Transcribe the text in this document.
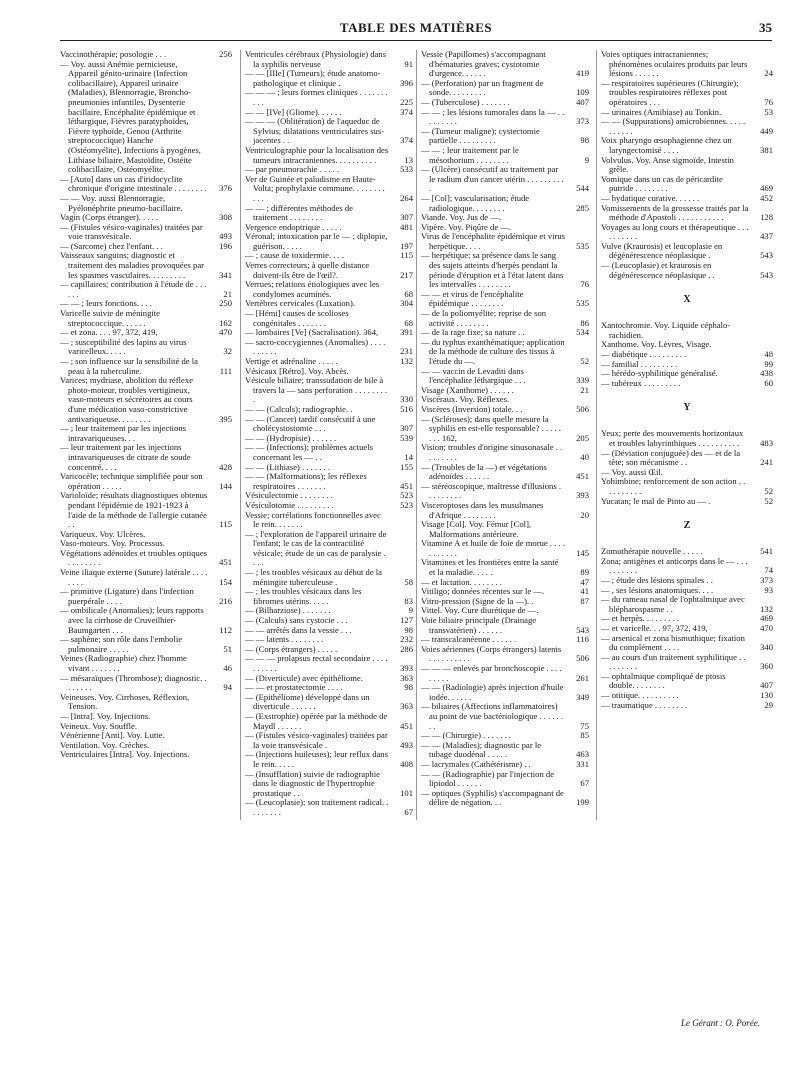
TABLE DES MATIÈRES	35

Vaccinothérapie; posologie . . .	256

— Voy. aussi Anémie pernicieuse, Appareil génito-urinaire (Infection colibacillaire), Appareil urinaire (Maladies), Blennorragie, Broncho-pneumonies infantiles, Dysenterie bacillaire, Encéphalite épidémique et léthargique, Fièvres paratyphoïdes, Fièvre typhoïde, Genou (Arthrite streptococcique) Hanche (Ostéomyélite), Infections à pyogènes, Lithiase biliaire, Mastoïdite, Ostéite colibacillaire, Ostéomyélite.

— [Auto] dans un cas d'iridocyclite chronique d'origine intestinale . . . . . . . .	376

— — Voy. aussi Blennorragie, Pyélonéphrite pneumo-bacillaire.

Vagin (Corps étranger). . . . .	308

— (Fistules vésico-vaginales) traitées par voie transvésicale.	493

— (Sarcome) chez l'enfant. . .	196

Vaisseaux sanguins; diagnostic et traitement des maladies provoquées par les spasmes vasculaires. . . . . . . . .	341

— capillaires; contribution à l'étude de . . . . . .	21

— — ; leurs fonctions. . . .	250

Varicelle suivie de méningite streptococcique. . . . . .	162

— et zona. . . . 97, 372, 419,	470

— ; susceptibilité des lapins au virus varicelleux. . . . .	32

— ; son influence sur la sensibilité de la peau à la tuberculine.	111

Varices; mydriase, abolition du réflexe photo-moteur, troubles vertigineux, vaso-moteurs et sécrétoires au cours d'une médication vaso-constrictive antivariqueuse. . . . . . . .	395

— ; leur traitement par les injections intravariqueuses. . .

— leur traitement par les injections intravariqueuses de citrate de soude concentré. . . .	428

Varicocèle; technique simplifiée pour son opération . . . . .	144

Varioloïde; résultats diagnostiques obtenus pendant l'épidémie de 1921-1923 à l'aide de la méthode de l'allergie cutanée . .	115

Variqueux. Voy. Ulcères.

Vaso-moteurs. Voy. Processus.

Végétations adénoïdes et troubles optiques . . . . . . . .	451

Veine iliaque externe (Suture) latérale . . . . . . . .	154

— primitive (Ligature) dans l'infection puerpérale . . . .	216

— ombilicale (Anomalies); leurs rapports avec la cirrhose de Cruveilhier-Baumgarten . . .	112

— saphène; son rôle dans l'embolie pulmonaire . . . . .	51

Veines (Radiographie) chez l'homme vivant . . . . . . .	46

— mésaraïques (Thrombose); diagnostic. . . . . . . .	94

Veineuses. Voy. Cirrhoses, Réflexion, Tension.

— [Intra]. Voy. Injections.

Veineux. Voy. Souffle.

Vénérienne [Anti]. Voy. Lutte.

Ventilation. Voy. Crèches.

Ventriculaires [Intra]. Voy. Injections.

Ventricules cérébraux (Physiologie) dans la syphilis nerveuse	91

— — [IIIe] (Tumeurs); étude anatomo-pathologique et clinique .	396

— — — ; leurs formes cliniques . . . . . . . . . .	225

— — [IVe] (Gliome). . . . . .	374

— — — (Oblitération) de l'aqueduc de Sylvius; dilatations ventriculaires sus-jacentes . .	374

Ventriculographie pour la localisation des tumeurs intracraniennes. . . . . . . . . .	13

— par pneumorachie . . . . .	533

Ver de Guinée et paludisme en Haute-Volta; prophylaxie commune. . . . . . . . . . .	264

— — ; différentes méthodes de traitement . . . . . . . .	307

Vergence endoptrique . . . . .	481

Véronal; intoxication par le — ; diplopie, guérison. . . . .	197

— ; cause de toxidermie. . . .	115

Verres correcteurs; à quelle distance doivent-ils être de l'œil?.	217

Verrues; relations étiologiques avec les condylomes acuminés.	68

Vertèbres cervicales (Luxation).	304

— [Hémi] causes de scolioses congénitales . . . . . . .	68

— lombaires [Ve] (Sacralisation). 364,	391

— sacro-coccygiennes (Anomalies) . . . . . . . . . .	231

Vertige et adrénaline . . . . .	132

Vésicaux [Rétro]. Voy. Abcès.

Vésicule biliaire; transsudation de bile à travers la — sans perforation . . . . . . . . .	330

— — (Calculs); radiographie. .	516

— — (Cancer) tardif consécutif à une cholécystostomie . . .	307

— — (Hydropisie) . . . . . .	539

— — (Infections); problèmes actuels concernant les — . .	14

— — (Lithiase) . . . . . . .	155

— — (Malformations); les réflexes respiratoires . . . . . . .	451

Vésiculectomie . . . . . . . .	523

Vésiculotomie . . . . . . . . .	523

Vessie; corrélations fonctionnelles avec le rein. . . . . . .

— ; l'exploration de l'appareil urinaire de l'enfant; le cas de la contractilité vésicale; étude de un cas de paralysie . . . .

— ; les troubles vésicaux au début de la méningite tuberculeuse .	58

— ; les troubles vésicaux dans les fibromes utérins. . . . .	83

— (Bilharziose) . . . . . . .	9

— (Calculs) sans cystocie . . .	127

— — arrêtés dans la vessie . . .	98

— — latents . . . . . . . .	232

— (Corps étrangers) . . . . .	286

— — — prolapsus rectal secondaire . . . . . . . . . .	393

— (Diverticule) avec épithéliome.	363

— — et prostatectomie . . . .	98

— (Epithéliome) développé dans un diverticule . . . . . .	363

— (Exstrophie) opérée par la méthode de Maydl . . . . . .	451

— (Fistules vésico-vaginales) traitées par la voie transvésicale .	493

— (Injections huileuses); leur reflux dans le rein. . . . .	408

— (Insufflation) suivie de radiographie dans le diagnostic de l'hypertrophie prostatique . .	101

— (Leucoplasie); son traitement radical. . . . . . . . .	67

Vessie (Papillomes) s'accompagnant d'hématuries graves; cystotomie d'urgence. . . . . .	419

— (Perforation) par un fragment de sonde. . . . . . . . .	109

— (Tuberculose) . . . . . . .	407

— — ; les lésions tumorales dans la — . . . . . . . . .	373

— (Tumeur maligne); cystectomie partielle . . . . . . . . .	98

— — ; leur traitement par le mésothorium . . . . . . . .	9

— (Ulcère) consécutif au traitement par le radium d'un cancer utérin . . . . . . . . . .	544

— [Col]; vascularisation; étude radiologique. . . . . . . .	285

Viande. Voy. Jus de —.

Vipère. Voy. Piqûre de —.

Virus de l'encéphalite épidémique et virus herpétique. . . .	535

— herpétique; sa présence dans le sang des sujets atteints d'herpès pendant la période d'éruption et à l'état latent dans les intervalles . . . . . . . .	76

— — et virus de l'encéphalite épidémique . . . . . . . .	535

— de la poliomyélite; reprise de son activité . . . . . . . .	86

— de la rage fixe; sa nature . .	534

— du typhus exanthématique; application de la méthode de culture des tissus à l'étude du —.	52

— — vaccin de Levaditi dans l'encéphalite léthargique . . .	339

Visage (Xanthome) . . . . . .	21

Viscéraux. Voy. Réflexes.

Viscères (Inversion) totale. . .	506

— (Scléroses); dans quelle mesure la syphilis en est-elle responsable? . . . . . . . . 162,	205

Vision; troubles d'origine sinusonasale . . . . . . . . .	40

— (Troubles de la —) et végétations adénoïdes . . . . . .	451

— stéréoscopique, maîtresse d'illusions . . . . . . . . .	393

Visceroptoses dans les musulmanes d'Afrique . . . . . . . .	20

Visage [Col]. Voy. Fémur [Col], Malformations antérieure.

Vitamine A et huile de foie de morue . . . . . . . . . . .	145

Vitamines et les frontières entre la santé et la maladie. . . . .	89

— et lactation. . . . . . . .	47

Vitiligo; données récentes sur le —.	41

Vitro-pression (Signe de la —). .	87

Vittel. Voy. Cure diurétique de —.

Voie biliaire principale (Drainage transvatérien) . . . . . .	543

— transcalcanéenne . . . . . .	116

Voies aériennes (Corps étrangers) latents . . . . . . . . . .	506

— — — enlevés par bronchoscopie . . . . . . . . .	261

— — (Radiologie) après injection d'huile iodée. . . . . .	349

— biliaires (Affections inflammatoires) au point de vue bactériologique . . . . . . . .	75

— — (Chirurgie) . . . . . . .	85

— — (Maladies); diagnostic par le tubage duodénal . . . . .	463

— lacrymales (Cathétérisme) . .	331

— — (Radiographie) par l'injection de lipiodol . . . . . .	67

— optiques (Syphilis) s'accompagnant de délire de négation. . .	199

Voies optiques intracraniennes; phénomènes oculaires produits par leurs lésions . . . . . .	24

— respiratoires supérieures (Chirurgie); troubles respiratoires réflexes post opératoires . . .	76

— urinaires (Amibiase) au Tonkin.	53

— — (Suppurations) amicrobiennes. . . . . . . . . . .	449

Voix pharyngo œsophagienne chez un laryngectomisé . . . .	381

Volvulus. Voy. Anse sigmoïde, Intestin grêle.

Vomique dans un cas de péricardite putride . . . . . . . .	469

— hydatique curative. . . . . .	452

Vomissements de la grossesse traités par la méthode d'Apostoli . . . . . . . . . . .	128

Voyages au long cours et thérapeutique . . . . . . . . . .	437

Vulve (Kraurosis) et leucoplasie en dégénérescence néoplasique .	543

— (Leucoplasie) et kraurosis en dégénérescence néoplasique . .	543

X

Xantochromie. Voy. Liquide céphalo-rachidien.

Xanthome. Voy. Lèvres, Visage.

— diabétique . . . . . . . . .	48

— familial . . . . . . . . .	99

— hérédo-syphilitique généralisé.	438

— tubéreux . . . . . . . . .	60

Y

Yeux; perte des mouvements horizontaux et troubles labyrinthiques . . . . . . . . . .	483

— (Déviation conjuguée) des — et de la tête; son mécanisme . .	241

— Voy. aussi Œil.

Yohimbine; renforcement de son action . . . . . . . . . .	52

Yucatan; le mal de Pinto au — .	52

Z

Zomothérapie nouvelle . . . . .	541

Zona; antigènes et anticorps dans le — . . . . . . . . . .	74

— ; étude des lésions spinales . .	373

— , ses lésions anatomiques. . . .	93

— du rameau nasal de l'ophtalmique avec blépharospasme . .	132

— et herpès. . . . . . . . .	469

— et varicelle. . . 97, 372, 419,	470

— arsenical et zona bismuthique; fixation du complément . . . .	340

— au cours d'un traitement syphilitique . . . . . . . . .	360

— ophtalmique compliqué de ptosis double. . . . . . . .	407

— otitique. . . . . . . . . .	130

— traumatique . . . . . . . .	29

Le Gérant : O. Porée.
